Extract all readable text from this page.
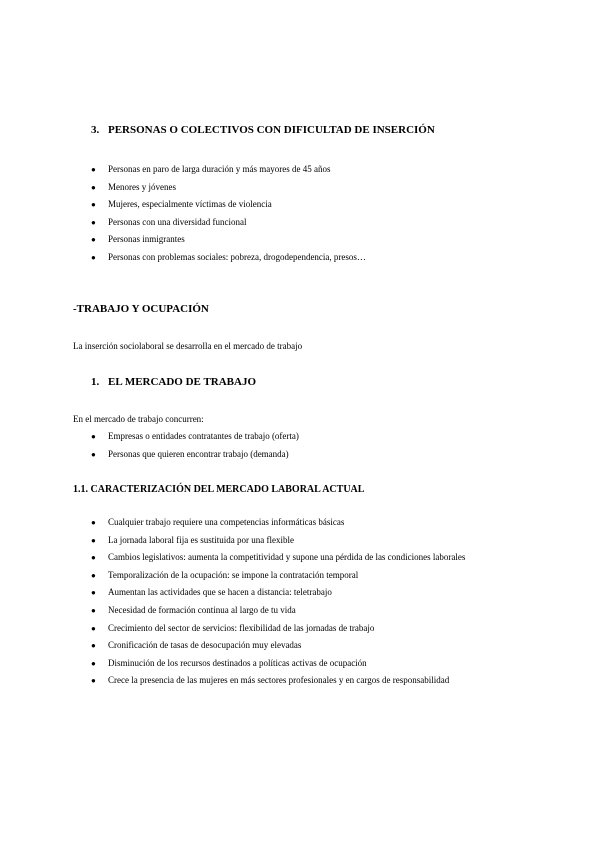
3. PERSONAS O COLECTIVOS CON DIFICULTAD DE INSERCIÓN
● Personas en paro de larga duración y más mayores de 45 años
● Menores y jóvenes
● Mujeres, especialmente víctimas de violencia
● Personas con una diversidad funcional
● Personas inmigrantes
● Personas con problemas sociales: pobreza, drogodependencia, presos…
-TRABAJO Y OCUPACIÓN
La inserción sociolaboral se desarrolla en el mercado de trabajo
1. EL MERCADO DE TRABAJO
En el mercado de trabajo concurren:
● Empresas o entidades contratantes de trabajo (oferta)
● Personas que quieren encontrar trabajo (demanda)
1.1. CARACTERIZACIÓN DEL MERCADO LABORAL ACTUAL
● Cualquier trabajo requiere una competencias informáticas básicas
● La jornada laboral fija es sustituida por una flexible
● Cambios legislativos: aumenta la competitividad y supone una pérdida de las condiciones laborales
● Temporalización de la ocupación: se impone la contratación temporal
● Aumentan las actividades que se hacen a distancia: teletrabajo
● Necesidad de formación continua al largo de tu vida
● Crecimiento del sector de servicios: flexibilidad de las jornadas de trabajo
● Cronificación de tasas de desocupación muy elevadas
● Disminución de los recursos destinados a políticas activas de ocupación
● Crece la presencia de las mujeres en más sectores profesionales y en cargos de responsabilidad
